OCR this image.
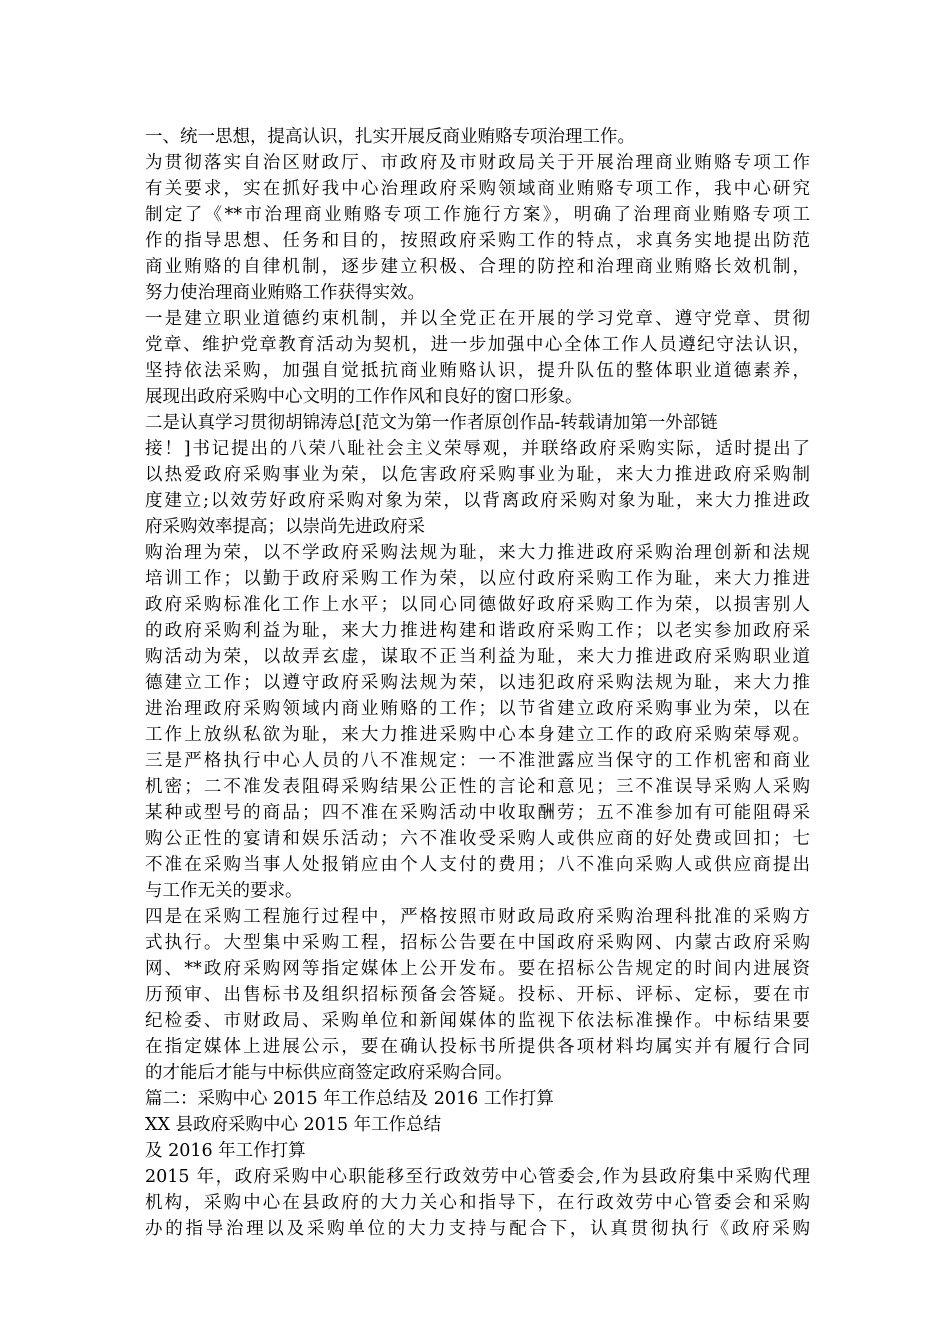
一、统一思想，提高认识，扎实开展反商业贿赂专项治理工作。
为贯彻落实自治区财政厅、市政府及市财政局关于开展治理商业贿赂专项工作
有关要求，实在抓好我中心治理政府采购领域商业贿赂专项工作，我中心研究
制定了《**市治理商业贿赂专项工作施行方案》，明确了治理商业贿赂专项工
作的指导思想、任务和目的，按照政府采购工作的特点，求真务实地提出防范
商业贿赂的自律机制，逐步建立积极、合理的防控和治理商业贿赂长效机制，
努力使治理商业贿赂工作获得实效。
一是建立职业道德约束机制，并以全党正在开展的学习党章、遵守党章、贯彻
党章、维护党章教育活动为契机，进一步加强中心全体工作人员遵纪守法认识，
坚持依法采购，加强自觉抵抗商业贿赂认识，提升队伍的整体职业道德素养，
展现出政府采购中心文明的工作作风和良好的窗口形象。
二是认真学习贯彻胡锦涛总[范文为第一作者原创作品-转载请加第一外部链
接！]书记提出的八荣八耻社会主义荣辱观，并联络政府采购实际，适时提出了
以热爱政府采购事业为荣，以危害政府采购事业为耻，来大力推进政府采购制
度建立;以效劳好政府采购对象为荣，以背离政府采购对象为耻，来大力推进政
府采购效率提高；以崇尚先进政府采
购治理为荣，以不学政府采购法规为耻，来大力推进政府采购治理创新和法规
培训工作；以勤于政府采购工作为荣，以应付政府采购工作为耻，来大力推进
政府采购标准化工作上水平；以同心同德做好政府采购工作为荣，以损害别人
的政府采购利益为耻，来大力推进构建和谐政府采购工作；以老实参加政府采
购活动为荣，以故弄玄虚，谋取不正当利益为耻，来大力推进政府采购职业道
德建立工作；以遵守政府采购法规为荣，以违犯政府采购法规为耻，来大力推
进治理政府采购领域内商业贿赂的工作；以节省建立政府采购事业为荣，以在
工作上放纵私欲为耻，来大力推进采购中心本身建立工作的政府采购荣辱观。
三是严格执行中心人员的八不准规定：一不准泄露应当保守的工作机密和商业
机密；二不准发表阻碍采购结果公正性的言论和意见；三不准误导采购人采购
某种或型号的商品；四不准在采购活动中收取酬劳；五不准参加有可能阻碍采
购公正性的宴请和娱乐活动；六不准收受采购人或供应商的好处费或回扣；七
不准在采购当事人处报销应由个人支付的费用；八不准向采购人或供应商提出
与工作无关的要求。
四是在采购工程施行过程中，严格按照市财政局政府采购治理科批准的采购方
式执行。大型集中采购工程，招标公告要在中国政府采购网、内蒙古政府采购
网、**政府采购网等指定媒体上公开发布。要在招标公告规定的时间内进展资
历预审、出售标书及组织招标预备会答疑。投标、开标、评标、定标，要在市
纪检委、市财政局、采购单位和新闻媒体的监视下依法标准操作。中标结果要
在指定媒体上进展公示，要在确认投标书所提供各项材料均属实并有履行合同
的才能后才能与中标供应商签定政府采购合同。
篇二：采购中心 2015 年工作总结及 2016 工作打算
XX 县政府采购中心 2015 年工作总结
及 2016 年工作打算
2015 年，政府采购中心职能移至行政效劳中心管委会,作为县政府集中采购代理
机构，采购中心在县政府的大力关心和指导下，在行政效劳中心管委会和采购
办的指导治理以及采购单位的大力支持与配合下，认真贯彻执行《政府采购
